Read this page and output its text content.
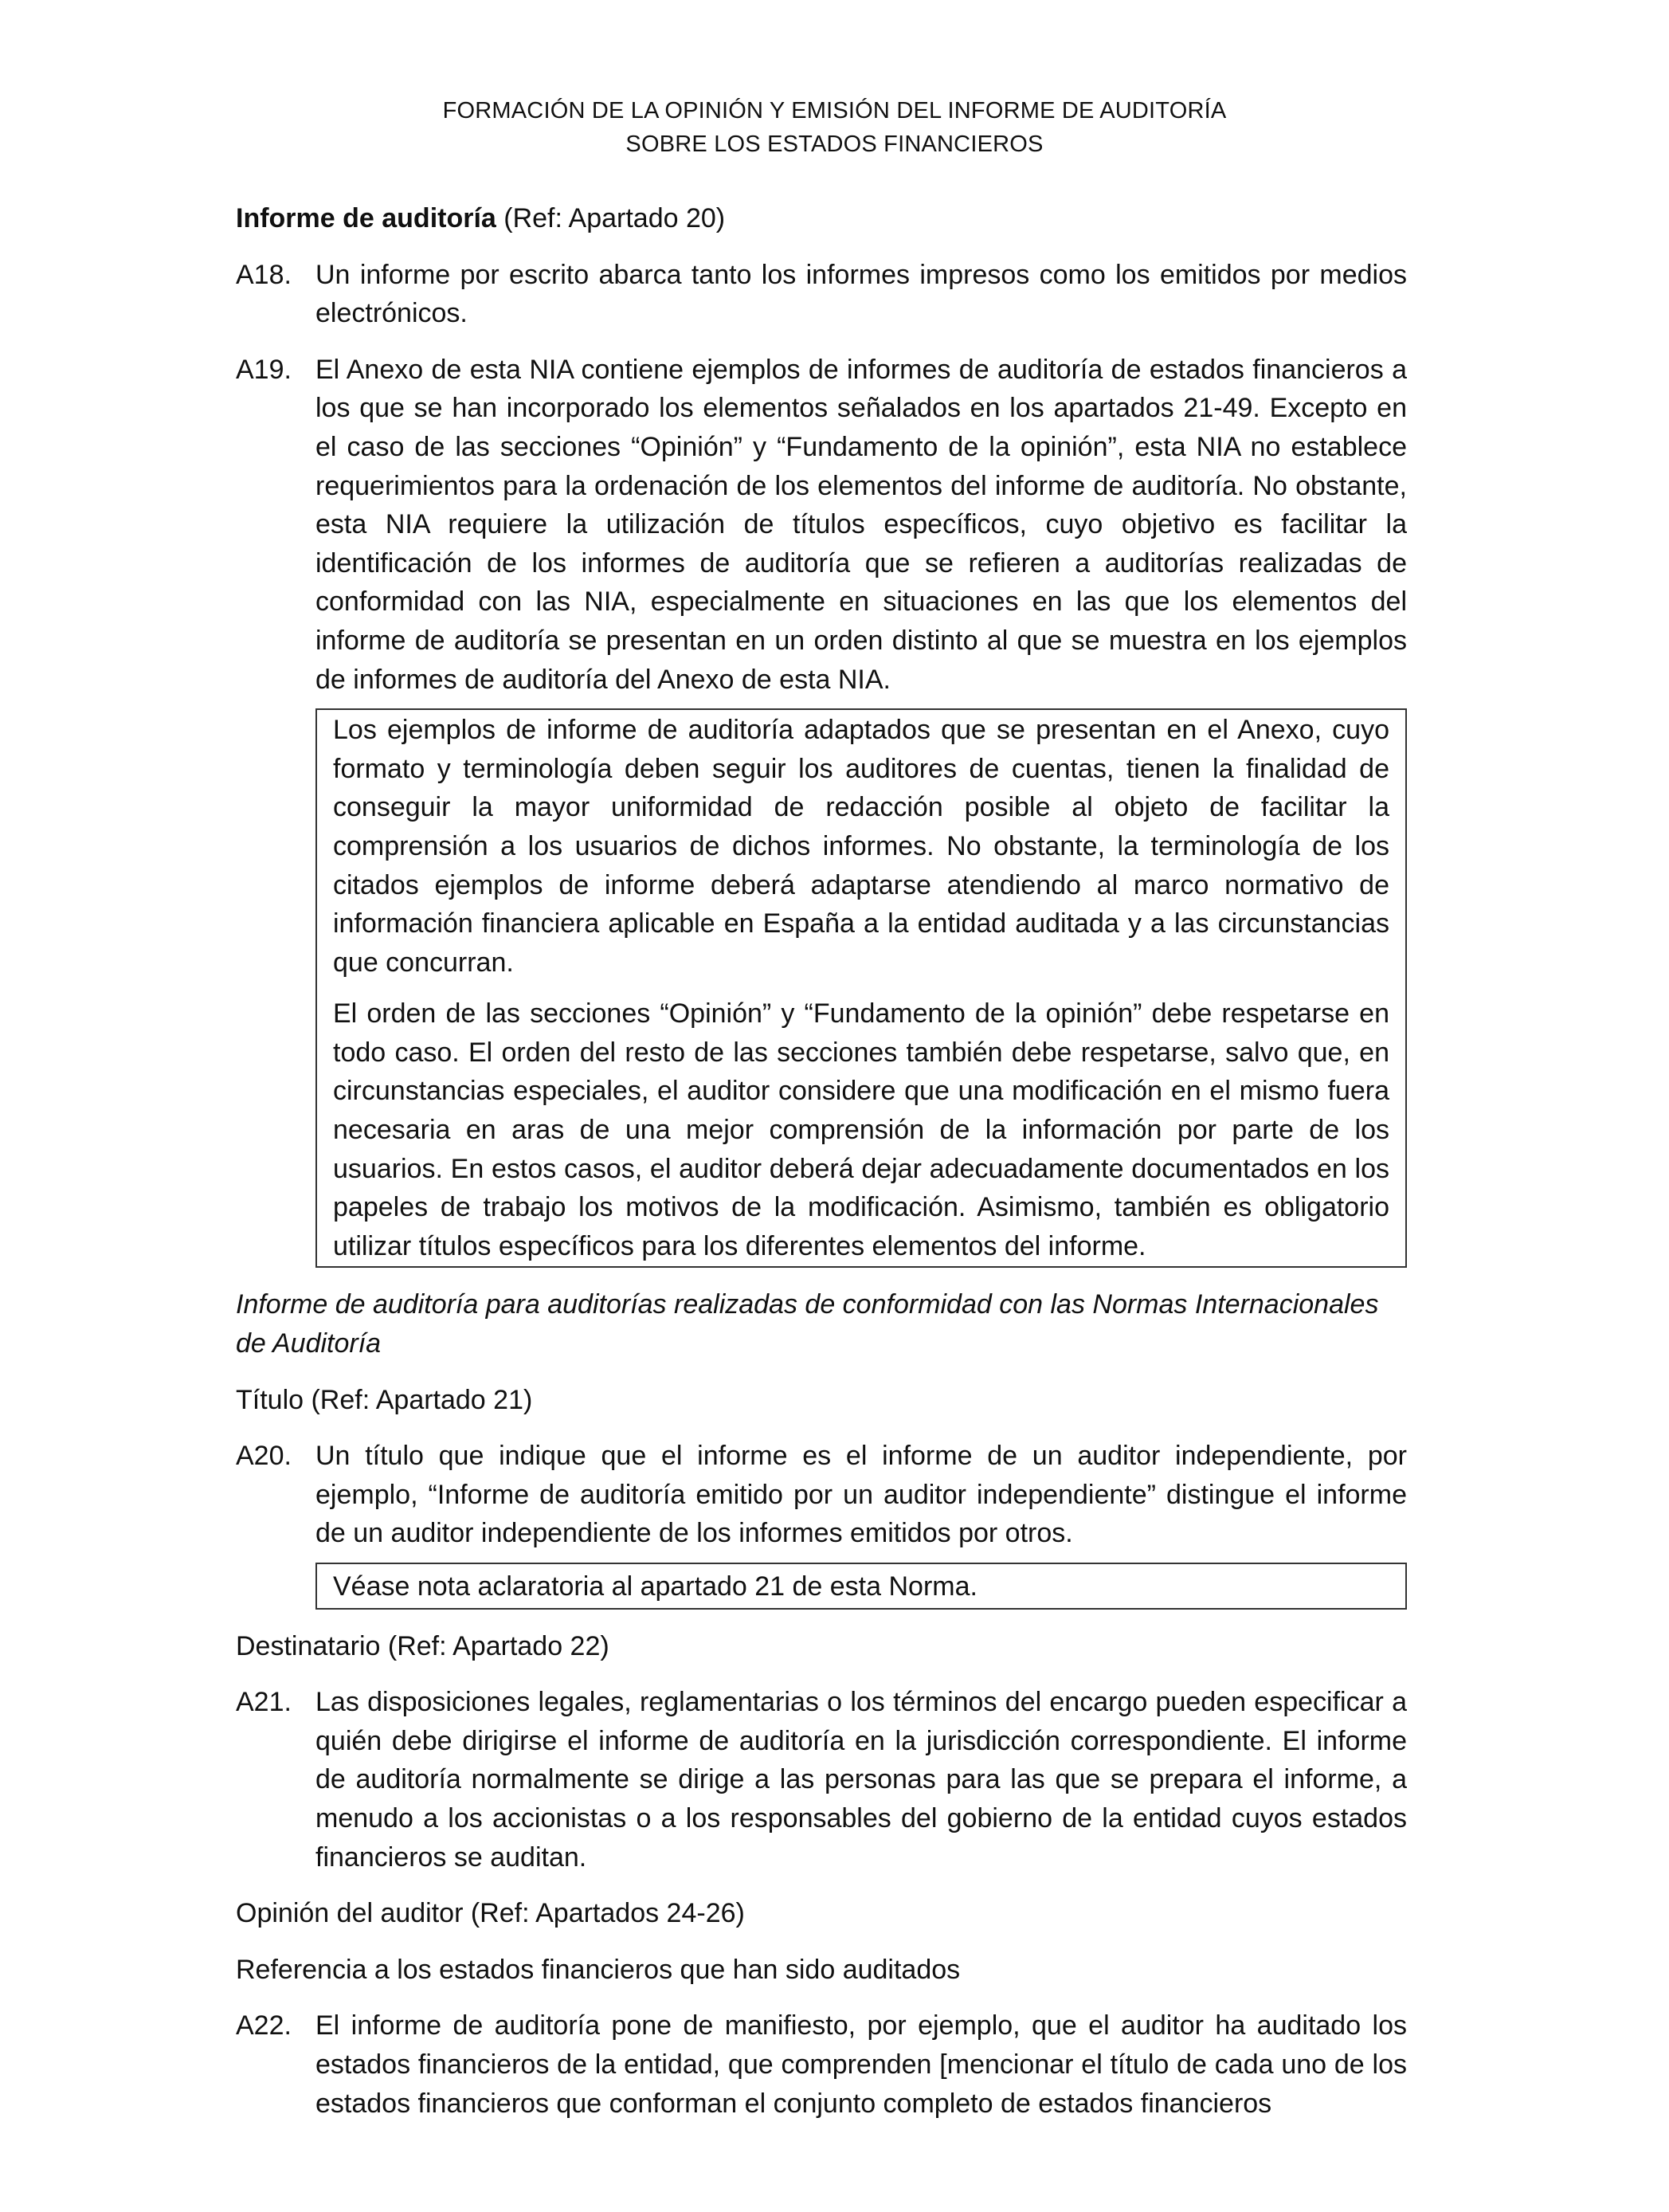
FORMACIÓN DE LA OPINIÓN Y EMISIÓN DEL INFORME DE AUDITORÍA
SOBRE LOS ESTADOS FINANCIEROS

Informe de auditoría (Ref: Apartado 20)

A18. Un informe por escrito abarca tanto los informes impresos como los emitidos por medios electrónicos.
A19. El Anexo de esta NIA contiene ejemplos de informes de auditoría de estados financieros a los que se han incorporado los elementos señalados en los apartados 21-49. Excepto en el caso de las secciones “Opinión” y “Fundamento de la opinión”, esta NIA no establece requerimientos para la ordenación de los elementos del informe de auditoría. No obstante, esta NIA requiere la utilización de títulos específicos, cuyo objetivo es facilitar la identificación de los informes de auditoría que se refieren a auditorías realizadas de conformidad con las NIA, especialmente en situaciones en las que los elementos del informe de auditoría se presentan en un orden distinto al que se muestra en los ejemplos de informes de auditoría del Anexo de esta NIA.

Los ejemplos de informe de auditoría adaptados que se presentan en el Anexo, cuyo formato y terminología deben seguir los auditores de cuentas, tienen la finalidad de conseguir la mayor uniformidad de redacción posible al objeto de facilitar la comprensión a los usuarios de dichos informes. No obstante, la terminología de los citados ejemplos de informe deberá adaptarse atendiendo al marco normativo de información financiera aplicable en España a la entidad auditada y a las circunstancias que concurran.

El orden de las secciones “Opinión” y “Fundamento de la opinión” debe respetarse en todo caso. El orden del resto de las secciones también debe respetarse, salvo que, en circunstancias especiales, el auditor considere que una modificación en el mismo fuera necesaria en aras de una mejor comprensión de la información por parte de los usuarios. En estos casos, el auditor deberá dejar adecuadamente documentados en los papeles de trabajo los motivos de la modificación. Asimismo, también es obligatorio utilizar títulos específicos para los diferentes elementos del informe.

Informe de auditoría para auditorías realizadas de conformidad con las Normas Internacionales de Auditoría

Título (Ref: Apartado 21)

A20. Un título que indique que el informe es el informe de un auditor independiente, por ejemplo, “Informe de auditoría emitido por un auditor independiente” distingue el informe de un auditor independiente de los informes emitidos por otros.

Véase nota aclaratoria al apartado 21 de esta Norma.

Destinatario (Ref: Apartado 22)

A21. Las disposiciones legales, reglamentarias o los términos del encargo pueden especificar a quién debe dirigirse el informe de auditoría en la jurisdicción correspondiente. El informe de auditoría normalmente se dirige a las personas para las que se prepara el informe, a menudo a los accionistas o a los responsables del gobierno de la entidad cuyos estados financieros se auditan.

Opinión del auditor (Ref: Apartados 24-26)

Referencia a los estados financieros que han sido auditados

A22. El informe de auditoría pone de manifiesto, por ejemplo, que el auditor ha auditado los estados financieros de la entidad, que comprenden [mencionar el título de cada uno de los estados financieros que conforman el conjunto completo de estados financieros
